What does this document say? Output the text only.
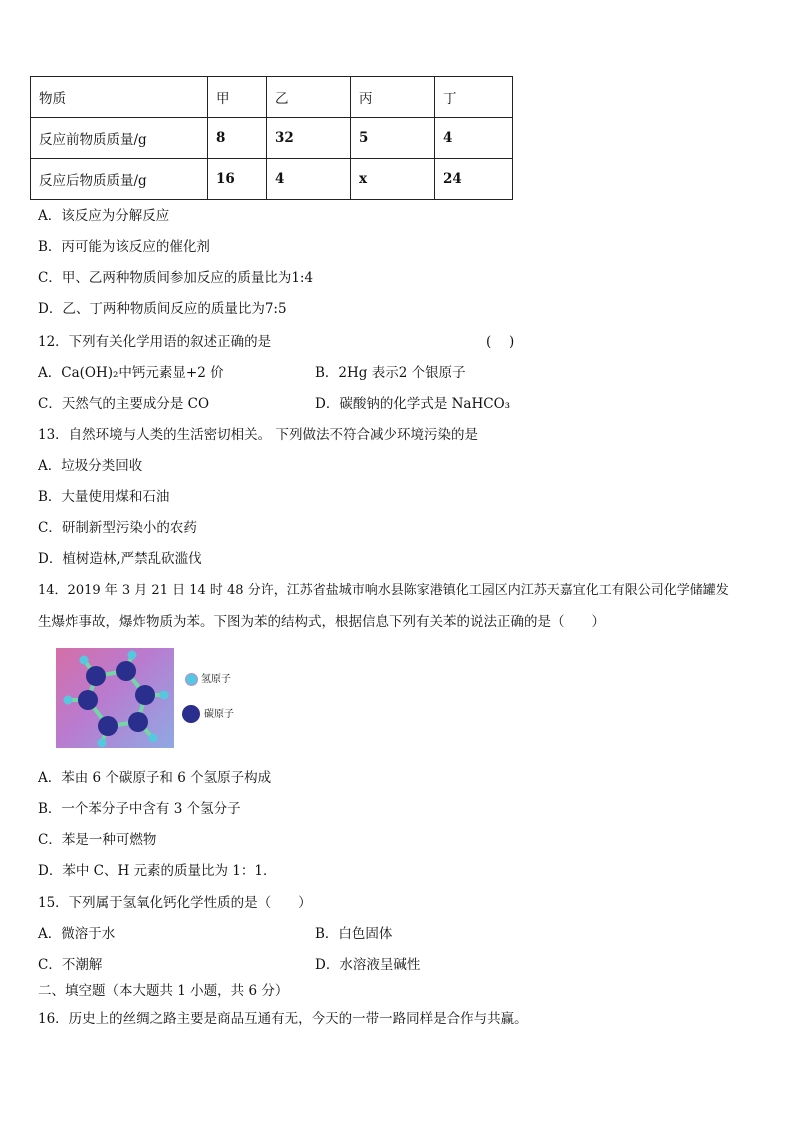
物质	甲	乙	丙	丁
反应前物质质量/g	8	32	5	4
反应后物质质量/g	16	4	x	24
A．该反应为分解反应
B．丙可能为该反应的催化剂
C．甲、乙两种物质间参加反应的质量比为1:4
D．乙、丁两种物质间反应的质量比为7:5
12．下列有关化学用语的叙述正确的是	(　 )
A．Ca(OH)₂中钙元素显+2 价	B．2Hg 表示2 个银原子
C．天然气的主要成分是 CO	D．碳酸钠的化学式是 NaHCO₃
13．自然环境与人类的生活密切相关。 下列做法不符合减少环境污染的是
A．垃圾分类回收
B．大量使用煤和石油
C．研制新型污染小的农药
D．植树造林,严禁乱砍滥伐
14．2019 年 3 月 21 日 14 时 48 分许，江苏省盐城市响水县陈家港镇化工园区内江苏天嘉宜化工有限公司化学储罐发
生爆炸事故，爆炸物质为苯。下图为苯的结构式，根据信息下列有关苯的说法正确的是（　　）
氢原子
碳原子
A．苯由 6 个碳原子和 6 个氢原子构成
B．一个苯分子中含有 3 个氢分子
C．苯是一种可燃物
D．苯中 C、H 元素的质量比为 1：1．
15．下列属于氢氧化钙化学性质的是（　　）
A．微溶于水	B．白色固体
C．不潮解	D．水溶液呈碱性
二、填空题（本大题共 1 小题，共 6 分）
16．历史上的丝绸之路主要是商品互通有无，今天的一带一路同样是合作与共赢。
